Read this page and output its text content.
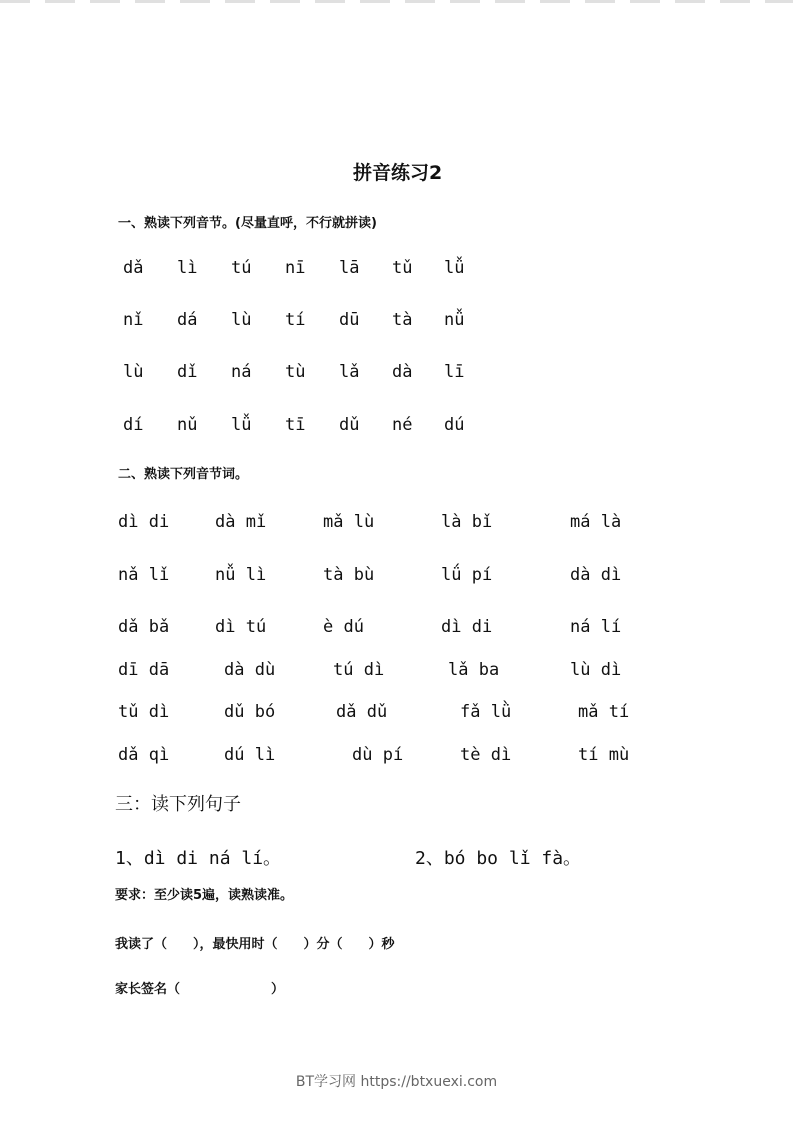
拼音练习2
一、熟读下列音节。(尽量直呼，不行就拼读)
dǎ lì tú nī lā tǔ lǚ
nǐ dá lù tí dū tà nǚ
lù dǐ ná tù lǎ dà lī
dí nǔ lǚ tī dǔ né dú
二、熟读下列音节词。
dì di	dà mǐ	mǎ lù	là bǐ	má là
nǎ lǐ	nǚ lì	tà bù	lǘ pí	dà dì
dǎ bǎ	dì tú	è dú	dì di	ná lí
dī dā	dà dù	tú dì	lǎ ba	lù dì
tǔ dì	dǔ bó	dǎ dǔ	fǎ lǜ	mǎ tí
dǎ qì	dú lì	dù pí	tè dì	tí mù
三：读下列句子
1、dì di ná lí。	2、bó bo lǐ fà。
要求：至少读5遍，读熟读准。
我读了（　　），最快用时（　　）分（　　）秒
家长签名（　　　　　　　）
BT学习网 https://btxuexi.com
